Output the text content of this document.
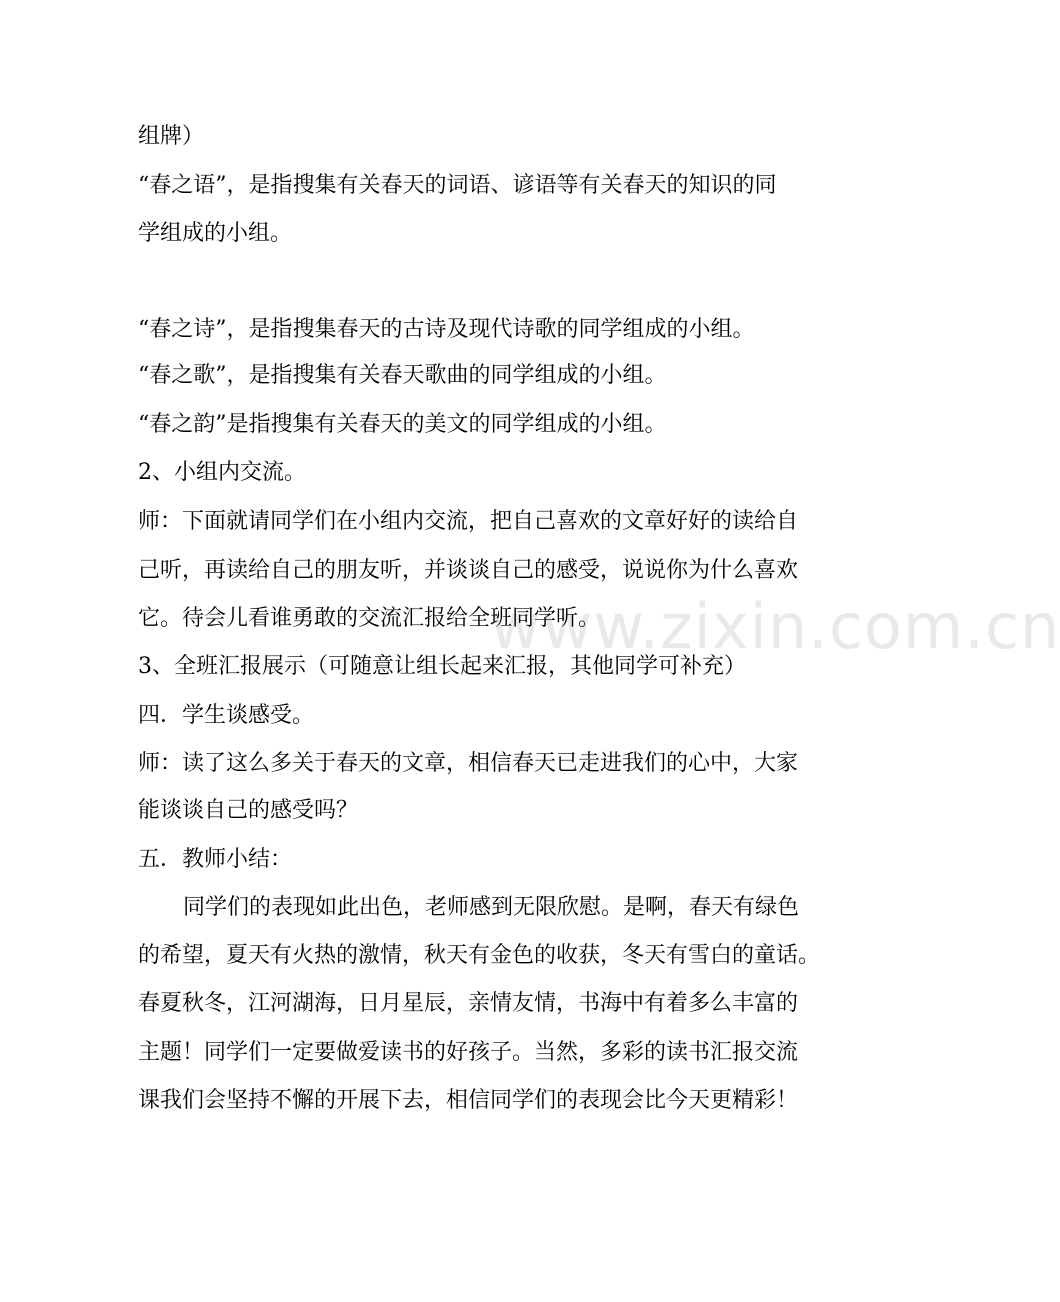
www.zixin.com.cn
组牌）
“春之语”，是指搜集有关春天的词语、谚语等有关春天的知识的同
学组成的小组。
“春之诗”，是指搜集春天的古诗及现代诗歌的同学组成的小组。
“春之歌”，是指搜集有关春天歌曲的同学组成的小组。
“春之韵”是指搜集有关春天的美文的同学组成的小组。
2、小组内交流。
师：下面就请同学们在小组内交流，把自己喜欢的文章好好的读给自
己听，再读给自己的朋友听，并谈谈自己的感受，说说你为什么喜欢
它。待会儿看谁勇敢的交流汇报给全班同学听。
3、全班汇报展示（可随意让组长起来汇报，其他同学可补充）
四．学生谈感受。
师：读了这么多关于春天的文章，相信春天已走进我们的心中，大家
能谈谈自己的感受吗？
五．教师小结：
同学们的表现如此出色，老师感到无限欣慰。是啊，春天有绿色
的希望，夏天有火热的激情，秋天有金色的收获，冬天有雪白的童话。
春夏秋冬，江河湖海，日月星辰，亲情友情，书海中有着多么丰富的
主题！同学们一定要做爱读书的好孩子。当然，多彩的读书汇报交流
课我们会坚持不懈的开展下去，相信同学们的表现会比今天更精彩！
